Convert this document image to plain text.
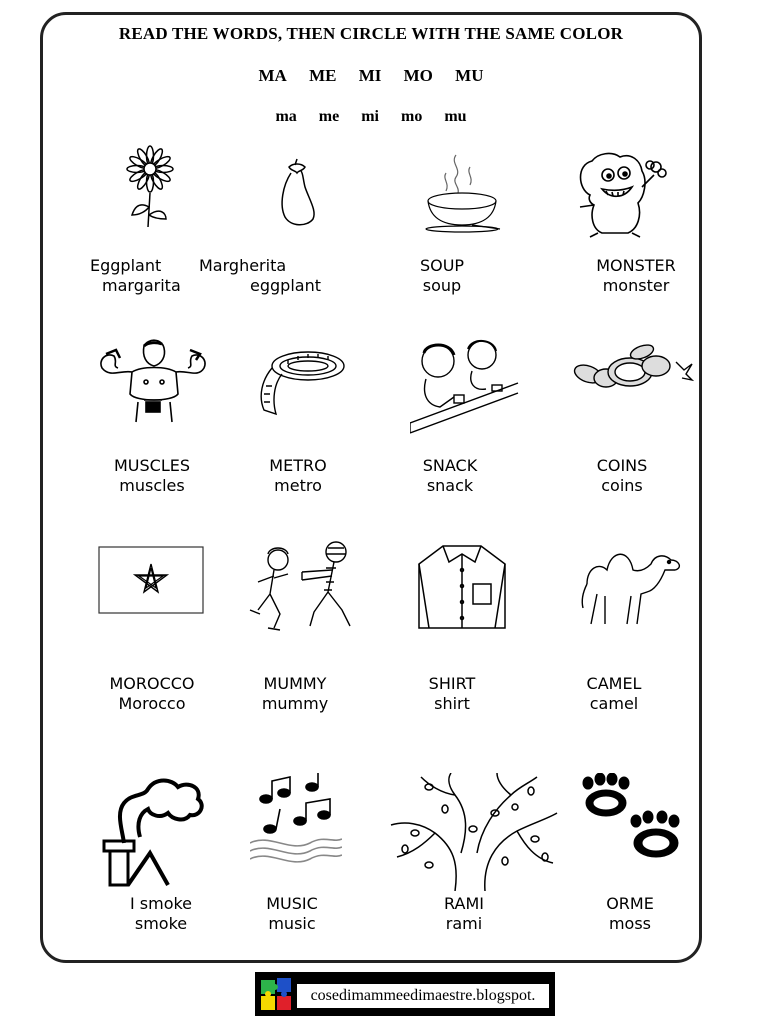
READ THE WORDS, THEN CIRCLE WITH THE SAME COLOR
MA ME MI MO MU
ma me mi mo mu
Eggplant
margarita
Margherita
eggplant
SOUP
soup
MONSTER
monster
MUSCLES
muscles
METRO
metro
SNACK
snack
COINS
coins
MOROCCO
Morocco
MUMMY
mummy
SHIRT
shirt
CAMEL
camel
I smoke
smoke
MUSIC
music
RAMI
rami
ORME
moss
cosedimammeedimaestre.blogspot.
